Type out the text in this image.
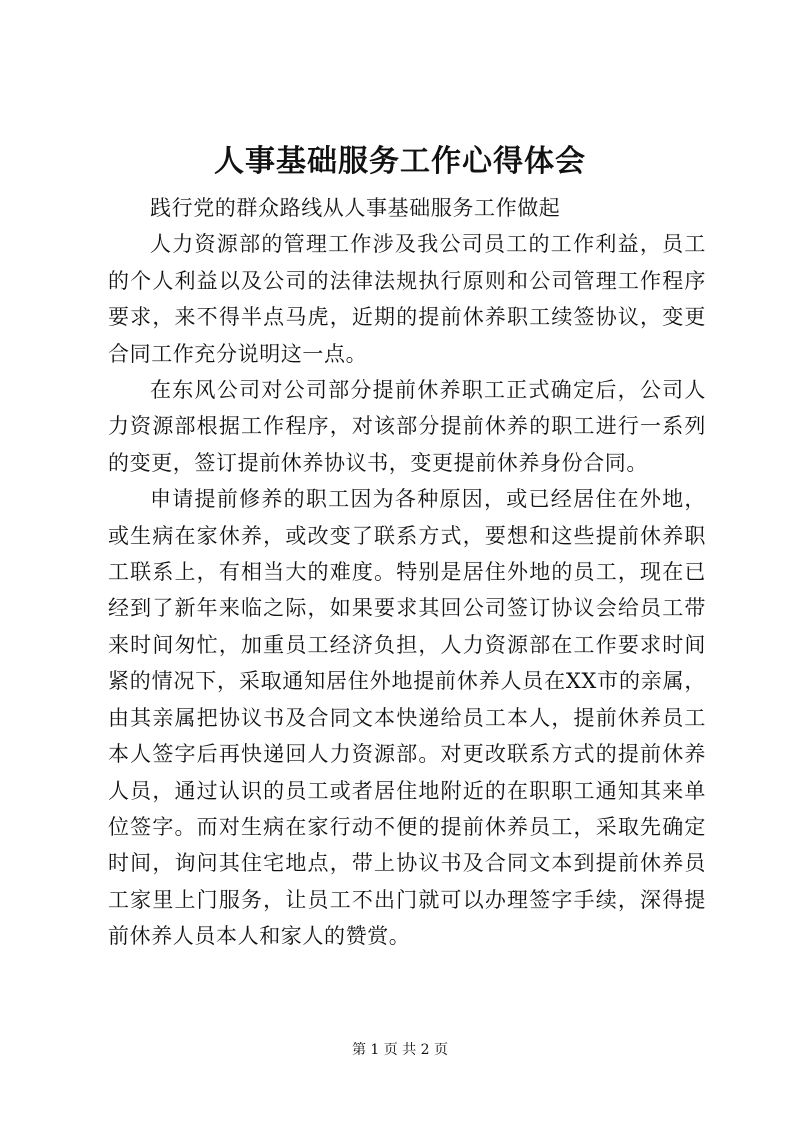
人事基础服务工作心得体会

践行党的群众路线从人事基础服务工作做起

人力资源部的管理工作涉及我公司员工的工作利益，员工的个人利益以及公司的法律法规执行原则和公司管理工作程序要求，来不得半点马虎，近期的提前休养职工续签协议，变更合同工作充分说明这一点。

在东风公司对公司部分提前休养职工正式确定后，公司人力资源部根据工作程序，对该部分提前休养的职工进行一系列的变更，签订提前休养协议书，变更提前休养身份合同。

申请提前修养的职工因为各种原因，或已经居住在外地，或生病在家休养，或改变了联系方式，要想和这些提前休养职工联系上，有相当大的难度。特别是居住外地的员工，现在已经到了新年来临之际，如果要求其回公司签订协议会给员工带来时间匆忙，加重员工经济负担，人力资源部在工作要求时间紧的情况下，采取通知居住外地提前休养人员在XX市的亲属，由其亲属把协议书及合同文本快递给员工本人，提前休养员工本人签字后再快递回人力资源部。对更改联系方式的提前休养人员，通过认识的员工或者居住地附近的在职职工通知其来单位签字。而对生病在家行动不便的提前休养员工，采取先确定时间，询问其住宅地点，带上协议书及合同文本到提前休养员工家里上门服务，让员工不出门就可以办理签字手续，深得提前休养人员本人和家人的赞赏。

第 1 页 共 2 页
